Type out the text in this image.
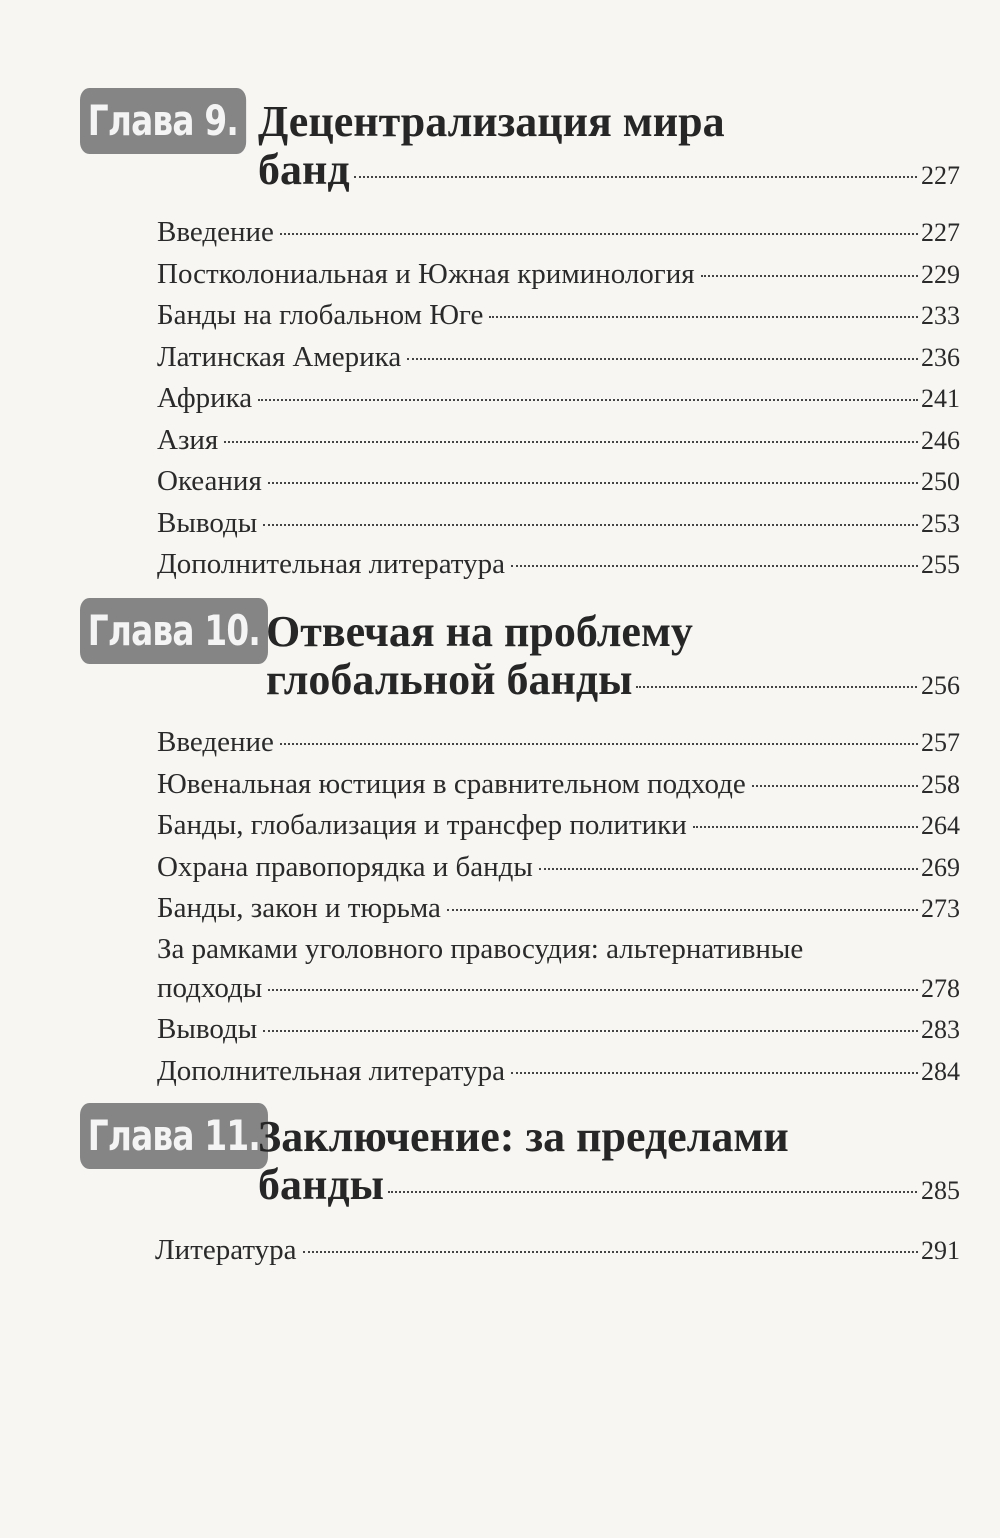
Глава 9. Децентрализация мира
банд	227
Введение	227
Постколониальная и Южная криминология	229
Банды на глобальном Юге	233
Латинская Америка	236
Африка	241
Азия	246
Океания	250
Выводы	253
Дополнительная литература	255
Глава 10. Отвечая на проблему
глобальной банды	256
Введение	257
Ювенальная юстиция в сравнительном подходе	258
Банды, глобализация и трансфер политики	264
Охрана правопорядка и банды	269
Банды, закон и тюрьма	273
За рамками уголовного правосудия: альтернативные
подходы	278
Выводы	283
Дополнительная литература	284
Глава 11.
Заключение: за пределами
банды	285
Литература	291
